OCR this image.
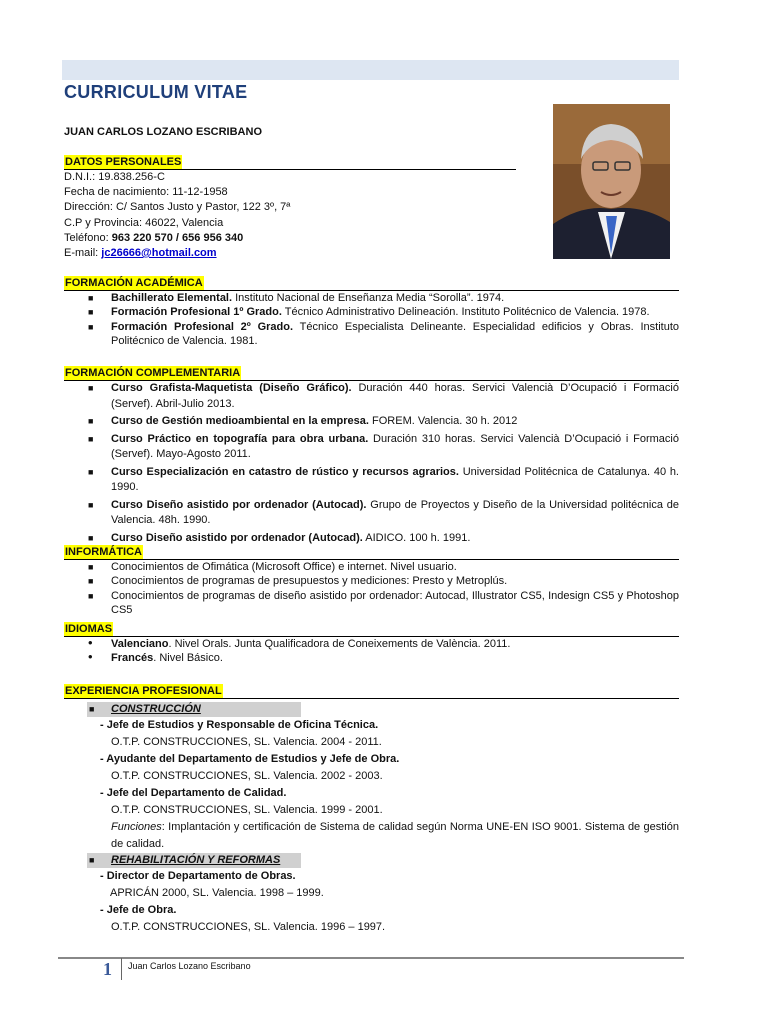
CURRICULUM VITAE
JUAN CARLOS LOZANO ESCRIBANO
DATOS PERSONALES
D.N.I.: 19.838.256-C
Fecha de nacimiento: 11-12-1958
Dirección: C/ Santos Justo y Pastor, 122 3º, 7ª
C.P y Provincia: 46022, Valencia
Teléfono: 963 220 570 / 656 956 340
E-mail: jc26666@hotmail.com
FORMACIÓN ACADÉMICA
■ Bachillerato Elemental. Instituto Nacional de Enseñanza Media “Sorolla”. 1974.
■ Formación Profesional 1º Grado. Técnico Administrativo Delineación. Instituto Politécnico de Valencia. 1978.
■ Formación Profesional 2º Grado. Técnico Especialista Delineante. Especialidad edificios y Obras. Instituto Politécnico de Valencia. 1981.
FORMACIÓN COMPLEMENTARIA
■ Curso Grafista-Maquetista (Diseño Gráfico). Duración 440 horas. Servici Valencià D’Ocupació i Formació (Servef). Abril-Julio 2013.
■ Curso de Gestión medioambiental en la empresa. FOREM. Valencia. 30 h. 2012
■ Curso Práctico en topografía para obra urbana. Duración 310 horas. Servici Valencià D’Ocupació i Formació (Servef). Mayo-Agosto 2011.
■ Curso Especialización en catastro de rústico y recursos agrarios. Universidad Politécnica de Catalunya. 40 h. 1990.
■ Curso Diseño asistido por ordenador (Autocad). Grupo de Proyectos y Diseño de la Universidad politécnica de Valencia. 48h. 1990.
■ Curso Diseño asistido por ordenador (Autocad). AIDICO. 100 h. 1991.
INFORMÁTICA
■ Conocimientos de Ofimática (Microsoft Office) e internet. Nivel usuario.
■ Conocimientos de programas de presupuestos y mediciones: Presto y Metroplús.
■ Conocimientos de programas de diseño asistido por ordenador: Autocad, Illustrator CS5, Indesign CS5 y Photoshop CS5
IDIOMAS
• Valenciano. Nivel Orals. Junta Qualificadora de Coneixements de València. 2011.
• Francés. Nivel Básico.
EXPERIENCIA PROFESIONAL
■ CONSTRUCCIÓN
- Jefe de Estudios y Responsable de Oficina Técnica.
O.T.P. CONSTRUCCIONES, SL. Valencia. 2004 - 2011.
- Ayudante del Departamento de Estudios y Jefe de Obra.
O.T.P. CONSTRUCCIONES, SL. Valencia. 2002 - 2003.
- Jefe del Departamento de Calidad.
O.T.P. CONSTRUCCIONES, SL. Valencia. 1999 - 2001.
Funciones: Implantación y certificación de Sistema de calidad según Norma UNE-EN ISO 9001. Sistema de gestión de calidad.
■ REHABILITACIÓN Y REFORMAS
- Director de Departamento de Obras.
APRICÁN 2000, SL. Valencia. 1998 – 1999.
- Jefe de Obra.
O.T.P. CONSTRUCCIONES, SL. Valencia. 1996 – 1997.
1 Juan Carlos Lozano Escribano
